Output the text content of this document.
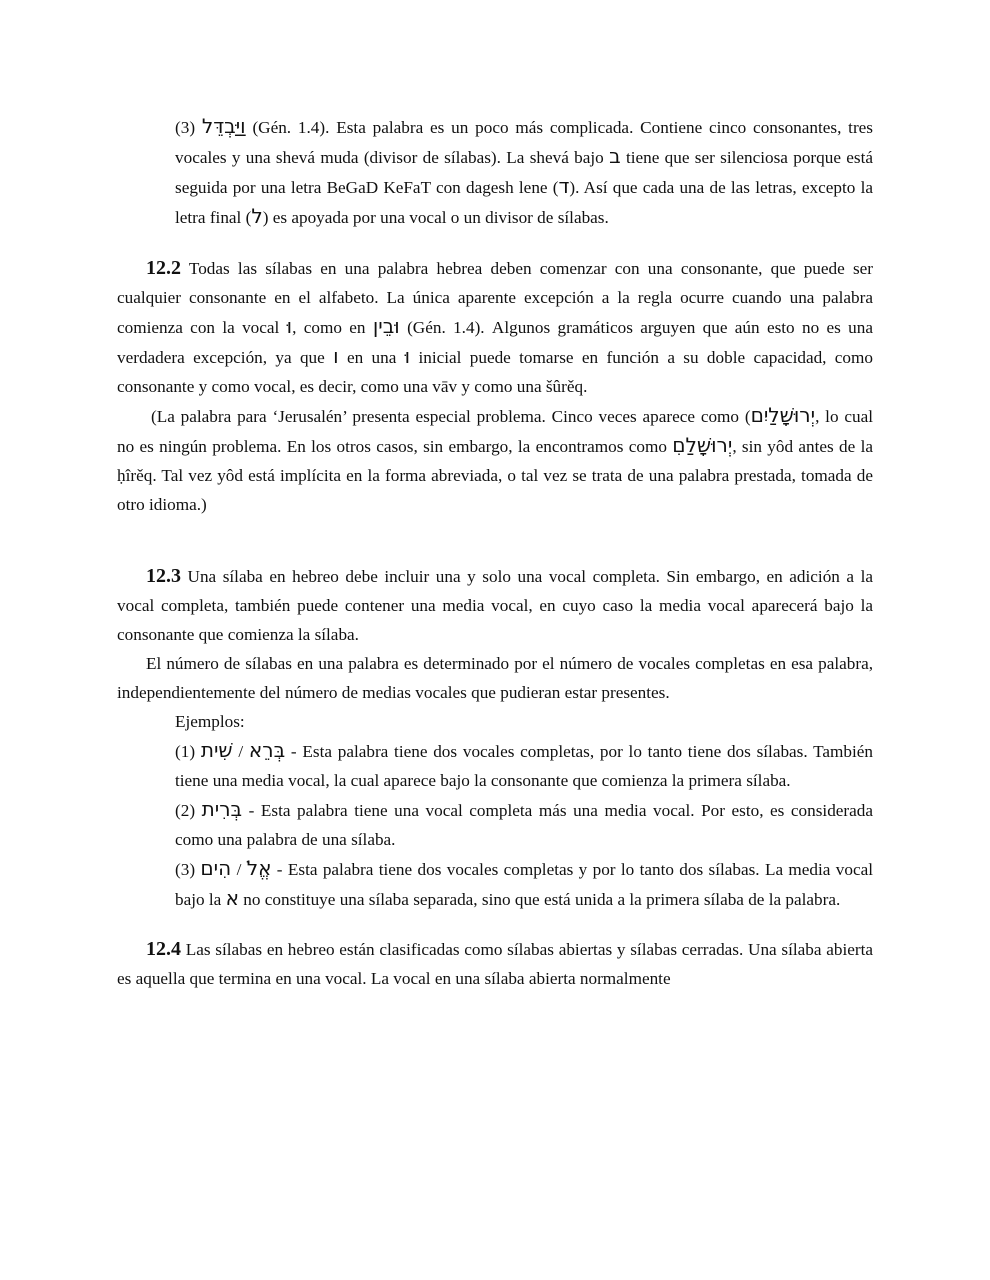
(3) וַיַּבְדֵּל (Gén. 1.4). Esta palabra es un poco más complicada. Contiene cinco consonantes, tres vocales y una shevá muda (divisor de sílabas). La shevá bajo ב tiene que ser silenciosa porque está seguida por una letra BeGaD KeFaT con dagesh lene (ד). Así que cada una de las letras, excepto la letra final (ל) es apoyada por una vocal o un divisor de sílabas.

12.2 Todas las sílabas en una palabra hebrea deben comenzar con una consonante, que puede ser cualquier consonante en el alfabeto. La única aparente excepción a la regla ocurre cuando una palabra comienza con la vocal וּ, como en וּבֵין (Gén. 1.4). Algunos gramáticos arguyen que aún esto no es una verdadera excepción, ya que ו en una וּ inicial puede tomarse en función a su doble capacidad, como consonante y como vocal, es decir, como una vāv y como una šûrěq.

(La palabra para ‘Jerusalén’ presenta especial problema. Cinco veces aparece como (יְרוּשָׁלַיִם, lo cual no es ningún problema. En los otros casos, sin embargo, la encontramos como יְרוּשָׁלַםִ, sin yôd antes de la ḥîrěq. Tal vez yôd está implícita en la forma abreviada, o tal vez se trata de una palabra prestada, tomada de otro idioma.)

12.3 Una sílaba en hebreo debe incluir una y solo una vocal completa. Sin embargo, en adición a la vocal completa, también puede contener una media vocal, en cuyo caso la media vocal aparecerá bajo la consonante que comienza la sílaba.

El número de sílabas en una palabra es determinado por el número de vocales completas en esa palabra, independientemente del número de medias vocales que pudieran estar presentes.

Ejemplos:

(1) שִׁית / בְּרֵא - Esta palabra tiene dos vocales completas, por lo tanto tiene dos sílabas. También tiene una media vocal, la cual aparece bajo la consonante que comienza la primera sílaba.

(2) בְּרִית - Esta palabra tiene una vocal completa más una media vocal. Por esto, es considerada como una palabra de una sílaba.

(3) הִים / אֱלֹ - Esta palabra tiene dos vocales completas y por lo tanto dos sílabas. La media vocal bajo la א no constituye una sílaba separada, sino que está unida a la primera sílaba de la palabra.

12.4 Las sílabas en hebreo están clasificadas como sílabas abiertas y sílabas cerradas. Una sílaba abierta es aquella que termina en una vocal. La vocal en una sílaba abierta normalmente
